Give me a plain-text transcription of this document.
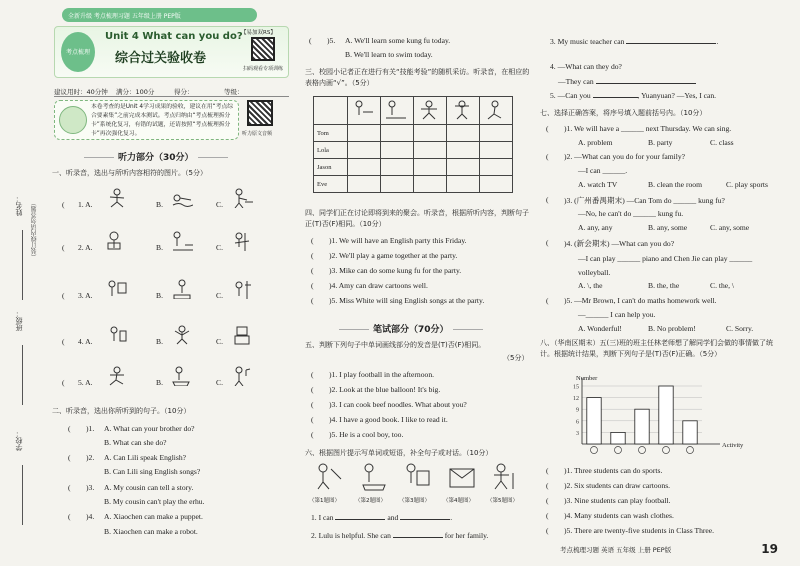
全新升级 考点梳理习题 五年级上册 PEP版
姓名：
班级：
学校：
（装订线内请勿答题）
考点梳理
Unit 4 What can you do?
综合过关验收卷
【易加双RS】
扫码观看专项训练
建议用时：40分钟 满分：100分	得分：	等级：
本卷考查的是Unit 4学习成果的验收，建议在用“考点综合要素集”之前完成本测试。考点归纳由“考点梳理拆分卡”系统化复习，有错的试题，还请按照“考点梳理拆分卡”再次强化复习。	听力原文音频
听力部分（30分）
一、听录音，选出与所听内容相符的图片。（5分）
( 1. A.	B.	C.
( 2. A.	B.	C.
( 3. A.	B.	C.
( 4. A.	B.	C.
( 5. A.	B.	C.
二、听录音，选出你所听到的句子。（10分）
( )1. A. What can your brother do?
B. What can she do?
( )2. A. Can Lili speak English?
B. Can Lili sing English songs?
( )3. A. My cousin can tell a story.
B. My cousin can't play the erhu.
( )4. A. Xiaochen can make a puppet.
B. Xiaochen can make a robot.
( )5. A. We'll learn some kung fu today.
B. We'll learn to swim today.
三、校园小记者正在进行有关“技能考验”的随机采访。听录音，在相应的表格内画“√”。（5分）

Tom					
Lola					
Jason					
Eve					
四、同学们正在讨论即将到来的聚会。听录音，根据所听内容，判断句子正(T)否(F)相同。（10分）
( )1. We will have an English party this Friday.
( )2. We'll play a game together at the party.
( )3. Mike can do some kung fu for the party.
( )4. Amy can draw cartoons well.
( )5. Miss White will sing English songs at the party.
笔试部分（70分）
五、判断下列句子中单词画线部分的发音是(T)否(F)相同。
（5分）
( )1. I play football in the afternoon.
( )2. Look at the blue balloon! It's big.
( )3. I can cook beef noodles. What about you?
( )4. I have a good book. I like to read it.
( )5. He is a cool boy, too.
六、根据图片提示写单词或短语，补全句子或对话。（10分）
（第1题图）	（第2题图） （第3题图） （第4题图） （第5题图）
1. I can	and	.
2. Lulu is helpful. She can	for her family.
3. My music teacher can	.
4. —What can they do?
—They can
5. —Can you	, Yuanyuan? —Yes, I can.
七、选择正确答案，将序号填入题前括号内。（10分）
( )1. We will have a ______ next Thursday. We can sing.
A. problem	B. party	C. class
( )2. —What can you do for your family?
—I can ______.
A. watch TV	B. clean the room	C. play sports
( )3. (广州番禺期末) —Can Tom do ______ kung fu?
—No, he can't do ______ kung fu.
A. any, any	B. any, some	C. any, some
( )4. (新会期末) —What can you do?
—I can play ______ piano and Chen Jie can play ______ volleyball.
A. \, the	B. the, the	C. the, \
( )5. —Mr Brown, I can't do maths homework well.
—______ I can help you.
A. Wonderful!	B. No problem!	C. Sorry.
八、（华南区期末）五(三)班的班主任林老师想了解同学们会做的事情做了统计。根据统计结果，判断下列句子是(T)否(F)正确。（5分）
3
6
9
12
15
Number
Activity
( )1. Three students can do sports.
( )2. Six students can draw cartoons.
( )3. Nine students can play football.
( )4. Many students can wash clothes.
( )5. There are twenty-five students in Class Three.
考点梳理习题 英语 五年级 上册 PEP版	19
